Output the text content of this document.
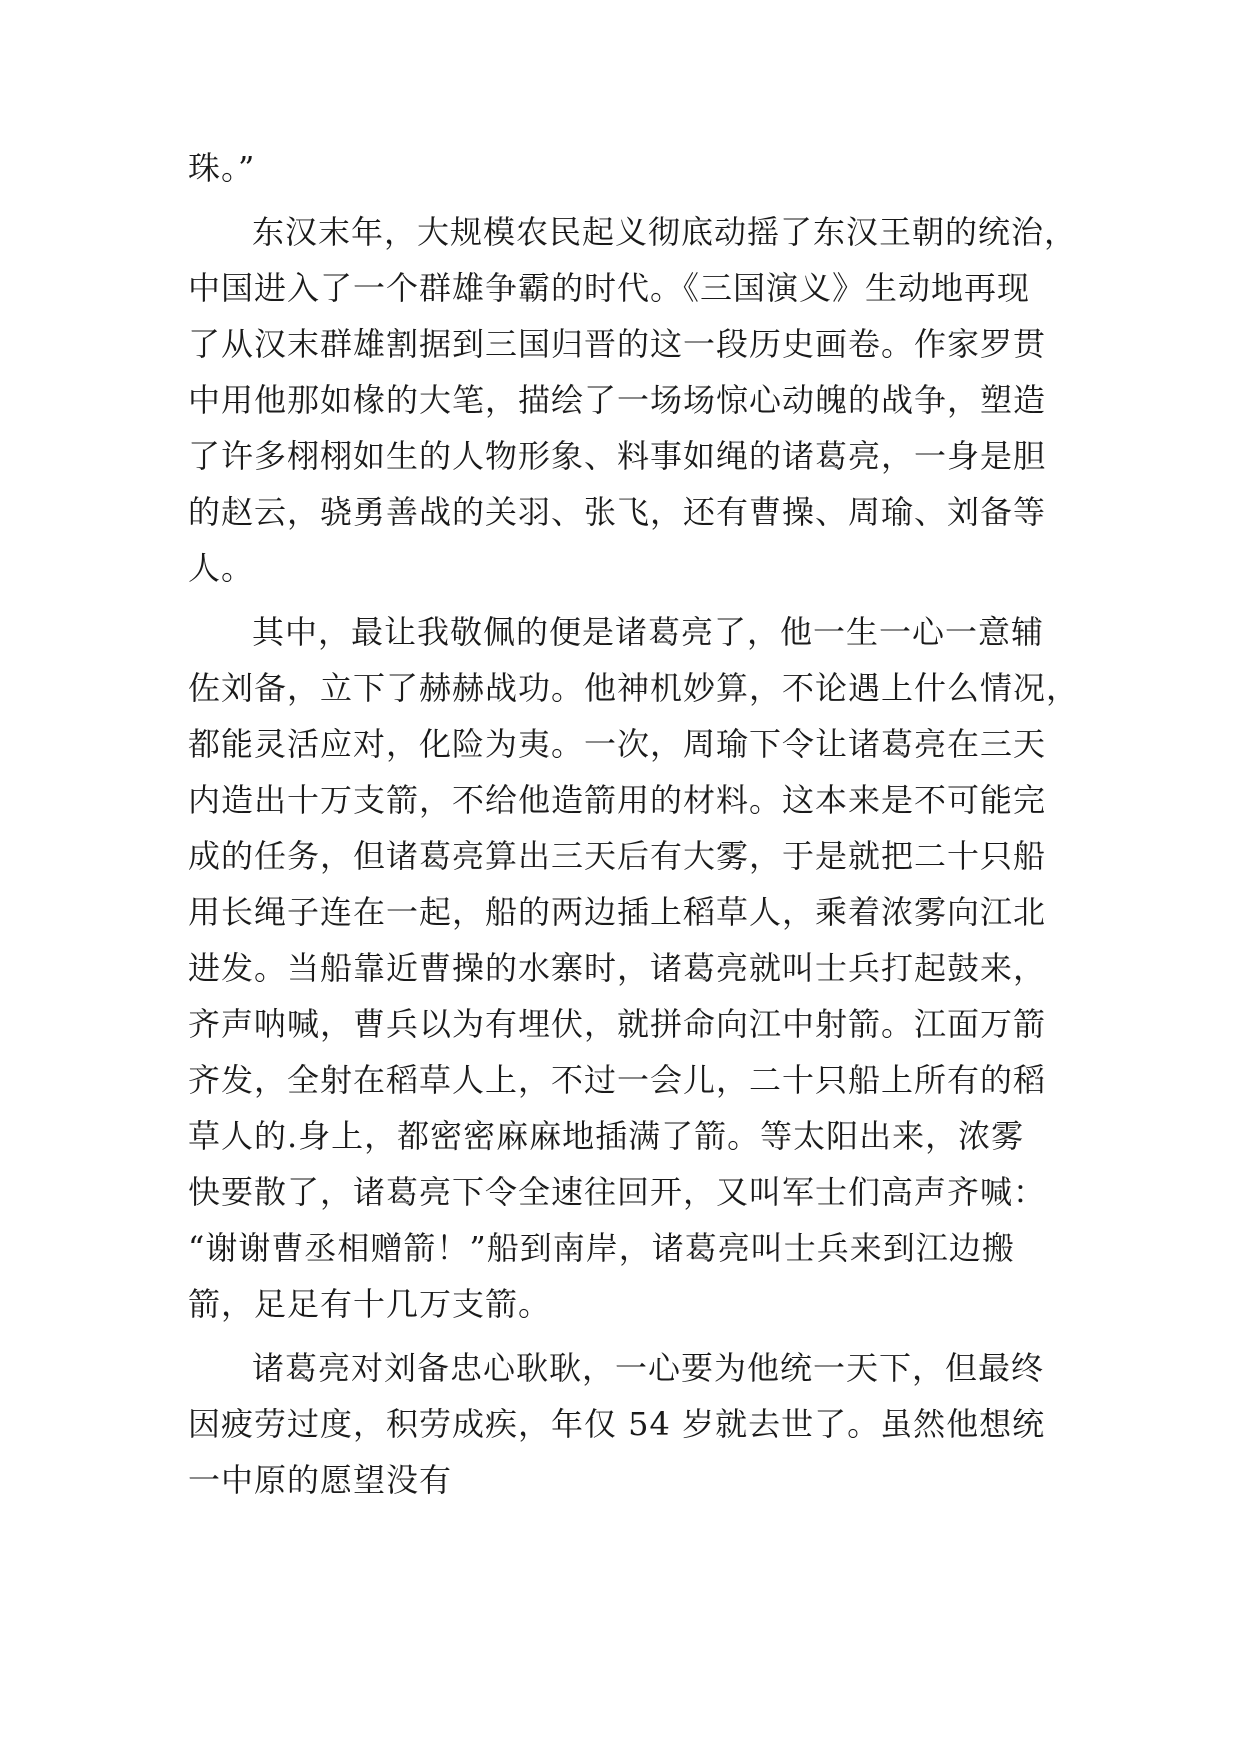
珠。”
东汉末年，大规模农民起义彻底动摇了东汉王朝的统治，
中国进入了一个群雄争霸的时代。《三国演义》生动地再现
了从汉末群雄割据到三国归晋的这一段历史画卷。作家罗贯
中用他那如椽的大笔，描绘了一场场惊心动魄的战争，塑造
了许多栩栩如生的人物形象、料事如绳的诸葛亮，一身是胆
的赵云，骁勇善战的关羽、张飞，还有曹操、周瑜、刘备等
人。
其中，最让我敬佩的便是诸葛亮了，他一生一心一意辅
佐刘备，立下了赫赫战功。他神机妙算，不论遇上什么情况，
都能灵活应对，化险为夷。一次，周瑜下令让诸葛亮在三天
内造出十万支箭，不给他造箭用的材料。这本来是不可能完
成的任务，但诸葛亮算出三天后有大雾，于是就把二十只船
用长绳子连在一起，船的两边插上稻草人，乘着浓雾向江北
进发。当船靠近曹操的水寨时，诸葛亮就叫士兵打起鼓来，
齐声呐喊，曹兵以为有埋伏，就拼命向江中射箭。江面万箭
齐发，全射在稻草人上，不过一会儿，二十只船上所有的稻
草人的.身上，都密密麻麻地插满了箭。等太阳出来，浓雾
快要散了，诸葛亮下令全速往回开，又叫军士们高声齐喊：
“谢谢曹丞相赠箭！”船到南岸，诸葛亮叫士兵来到江边搬
箭，足足有十几万支箭。
诸葛亮对刘备忠心耿耿，一心要为他统一天下，但最终
因疲劳过度，积劳成疾，年仅 54 岁就去世了。虽然他想统
一中原的愿望没有
